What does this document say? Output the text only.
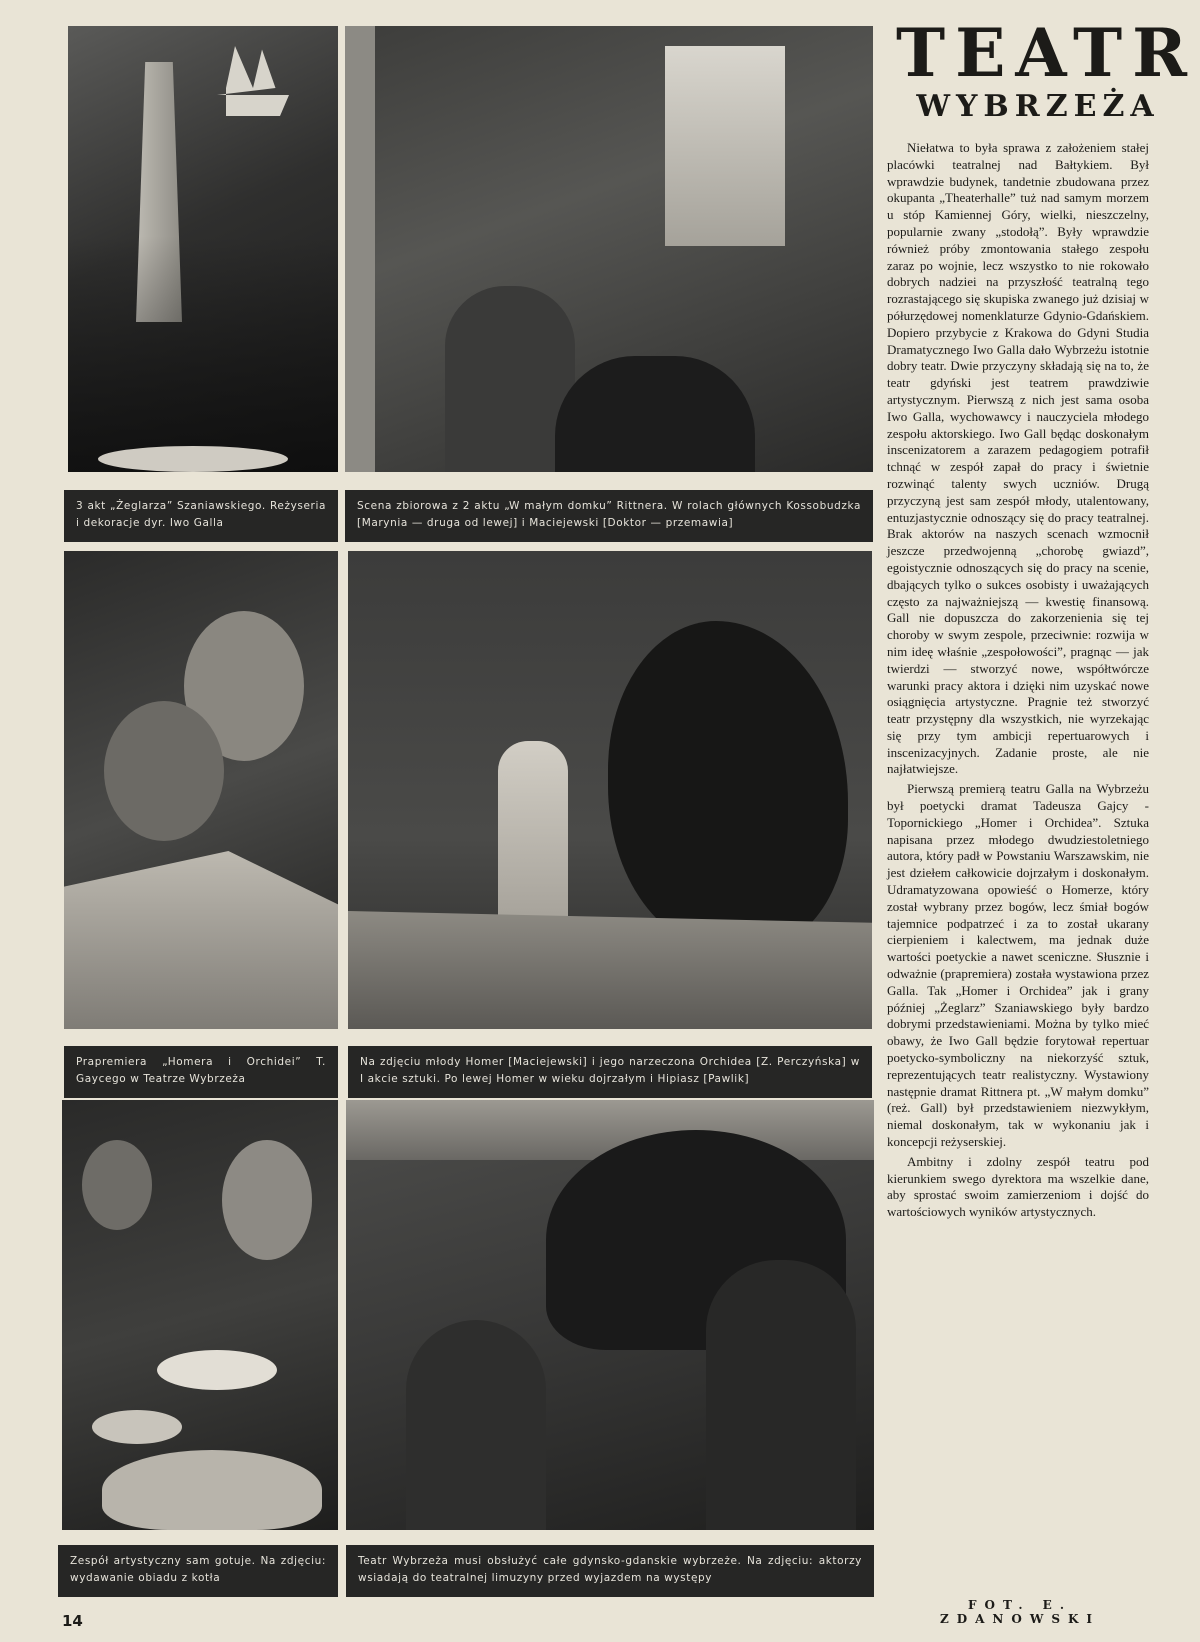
3 akt „Żeglarza” Szaniawskiego. Reżyseria i dekoracje dyr. Iwo Galla
Scena zbiorowa z 2 aktu „W małym domku” Rittnera. W rolach głównych Kossobudzka [Marynia — druga od lewej] i Maciejewski [Doktor — przemawia]
Prapremiera „Homera i Orchidei” T. Gaycego w Teatrze Wybrzeża
Na zdjęciu młody Homer [Maciejewski] i jego narzeczona Orchidea [Z. Perczyńska] w I akcie sztuki. Po lewej Homer w wieku dojrzałym i Hipiasz [Pawlik]
Zespół artystyczny sam gotuje. Na zdjęciu: wydawanie obiadu z kotła
Teatr Wybrzeża musi obsłużyć całe gdynsko-gdanskie wybrzeże. Na zdjęciu: aktorzy wsiadają do teatralnej limuzyny przed wyjazdem na występy
TEATR
WYBRZEŻA

Niełatwa to była sprawa z założeniem stałej placówki teatralnej nad Bałtykiem. Był wprawdzie budynek, tandetnie zbudowana przez okupanta „Theaterhalle” tuż nad samym morzem u stóp Kamiennej Góry, wielki, nieszczelny, popularnie zwany „stodołą”. Były wprawdzie również próby zmontowania stałego zespołu zaraz po wojnie, lecz wszystko to nie rokowało dobrych nadziei na przyszłość teatralną tego rozrastającego się skupiska zwanego już dzisiaj w półurzędowej nomenklaturze Gdynio-Gdańskiem. Dopiero przybycie z Krakowa do Gdyni Studia Dramatycznego Iwo Galla dało Wybrzeżu istotnie dobry teatr. Dwie przyczyny składają się na to, że teatr gdyński jest teatrem prawdziwie artystycznym. Pierwszą z nich jest sama osoba Iwo Galla, wychowawcy i nauczyciela młodego zespołu aktorskiego. Iwo Gall będąc doskonałym inscenizatorem a zarazem pedagogiem potrafił tchnąć w zespół zapał do pracy i świetnie rozwinąć talenty swych uczniów. Drugą przyczyną jest sam zespół młody, utalentowany, entuzjastycznie odnoszący się do pracy teatralnej. Brak aktorów na naszych scenach wzmocnił jeszcze przedwojenną „chorobę gwiazd”, egoistycznie odnoszących się do pracy na scenie, dbających tylko o sukces osobisty i uważających często za najważniejszą — kwestię finansową. Gall nie dopuszcza do zakorzenienia się tej choroby w swym zespole, przeciwnie: rozwija w nim ideę właśnie „zespołowości”, pragnąc — jak twierdzi — stworzyć nowe, współtwórcze warunki pracy aktora i dzięki nim uzyskać nowe osiągnięcia artystyczne. Pragnie też stworzyć teatr przystępny dla wszystkich, nie wyrzekając się przy tym ambicji repertuarowych i inscenizacyjnych. Zadanie proste, ale nie najłatwiejsze.

Pierwszą premierą teatru Galla na Wybrzeżu był poetycki dramat Tadeusza Gajcy - Topornickiego „Homer i Orchidea”. Sztuka napisana przez młodego dwudziestoletniego autora, który padł w Powstaniu Warszawskim, nie jest dziełem całkowicie dojrzałym i doskonałym. Udramatyzowana opowieść o Homerze, który został wybrany przez bogów, lecz śmiał bogów tajemnice podpatrzeć i za to został ukarany cierpieniem i kalectwem, ma jednak duże wartości poetyckie a nawet sceniczne. Słusznie i odważnie (prapremiera) została wystawiona przez Galla. Tak „Homer i Orchidea” jak i grany później „Żeglarz” Szaniawskiego były bardzo dobrymi przedstawieniami. Można by tylko mieć obawy, że Iwo Gall będzie forytował repertuar poetycko-symboliczny na niekorzyść sztuk, reprezentujących teatr realistyczny. Wystawiony następnie dramat Rittnera pt. „W małym domku” (reż. Gall) był przedstawieniem niezwykłym, niemal doskonałym, tak w wykonaniu jak i koncepcji reżyserskiej.

Ambitny i zdolny zespół teatru pod kierunkiem swego dyrektora ma wszelkie dane, aby sprostać swoim zamierzeniom i dojść do wartościowych wyników artystycznych.

FOT. E. ZDANOWSKI
14
